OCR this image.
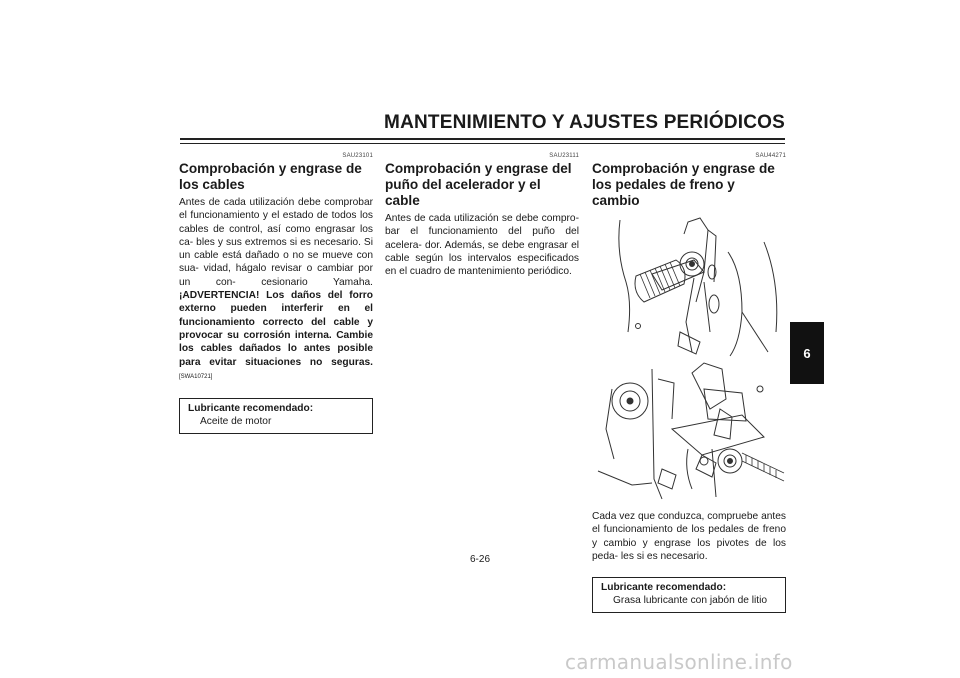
MANTENIMIENTO Y AJUSTES PERIÓDICOS
6
SAU23101
Comprobación y engrase de los cables
Antes de cada utilización debe comprobar el funcionamiento y el estado de todos los cables de control, así como engrasar los ca- bles y sus extremos si es necesario. Si un cable está dañado o no se mueve con sua- vidad, hágalo revisar o cambiar por un con- cesionario Yamaha. ¡ADVERTENCIA! Los daños del forro externo pueden interferir en el funcionamiento correcto del cable y provocar su corrosión interna. Cambie los cables dañados lo antes posible para evitar situaciones no seguras. [SWA10721]
Lubricante recomendado:
Aceite de motor
SAU23111
Comprobación y engrase del puño del acelerador y el cable
Antes de cada utilización se debe compro- bar el funcionamiento del puño del acelera- dor. Además, se debe engrasar el cable según los intervalos especificados en el cuadro de mantenimiento periódico.
SAU44271
Comprobación y engrase de los pedales de freno y cambio
Cada vez que conduzca, compruebe antes el funcionamiento de los pedales de freno y cambio y engrase los pivotes de los peda- les si es necesario.
Lubricante recomendado:
Grasa lubricante con jabón de litio
6-26
carmanualsonline.info
